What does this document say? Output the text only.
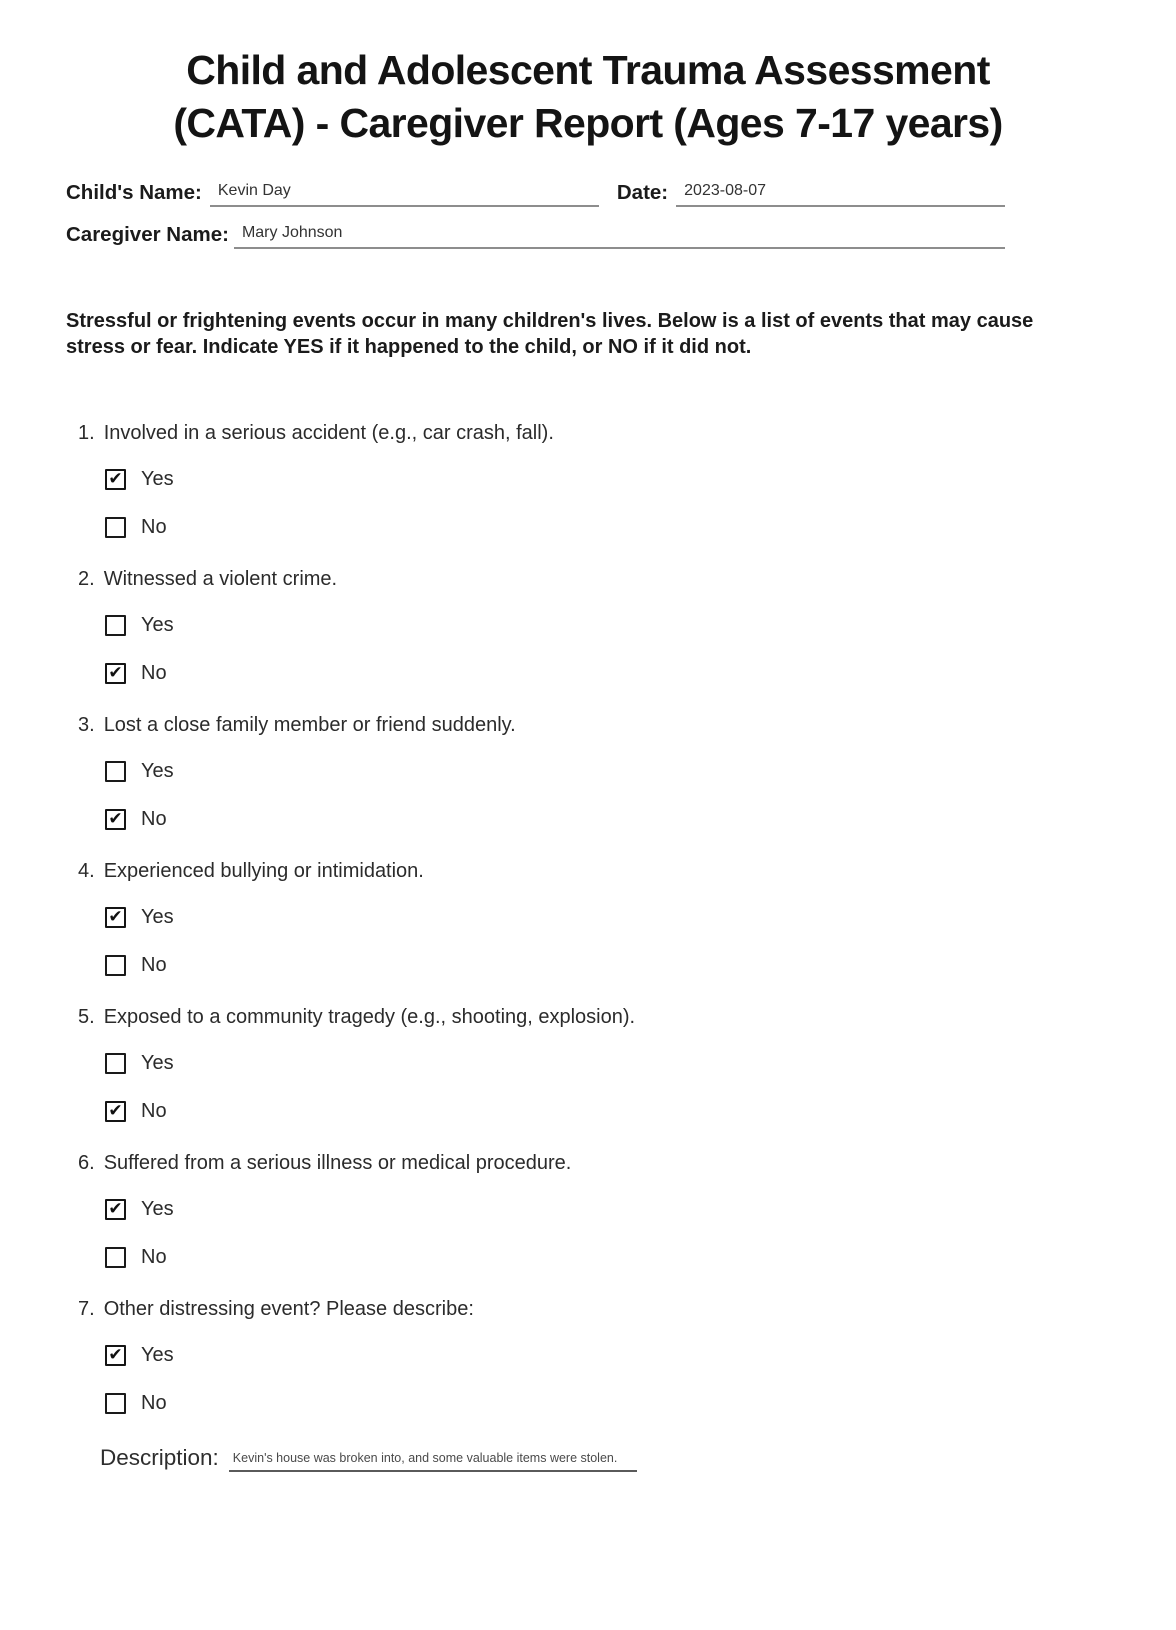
Child and Adolescent Trauma Assessment
(CATA) - Caregiver Report (Ages 7-17 years)
Child's Name:	Kevin Day	Date:	2023-08-07
Caregiver Name: Mary Johnson

Stressful or frightening events occur in many children's lives. Below is a list of events that may cause stress or fear. Indicate YES if it happened to the child, or NO if it did not.

1. Involved in a serious accident (e.g., car crash, fall).
✔ Yes
No
2. Witnessed a violent crime.
Yes
✔ No
3. Lost a close family member or friend suddenly.
Yes
✔ No
4. Experienced bullying or intimidation.
✔ Yes
No
5. Exposed to a community tragedy (e.g., shooting, explosion).
Yes
✔ No
6. Suffered from a serious illness or medical procedure.
✔ Yes
No
7. Other distressing event? Please describe:
✔ Yes
No
Description:	Kevin's house was broken into, and some valuable items were stolen.
